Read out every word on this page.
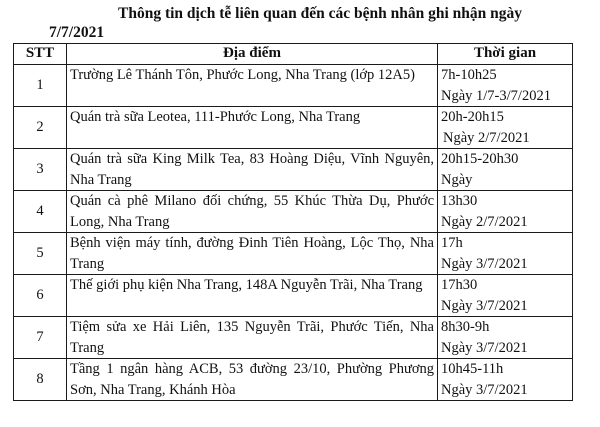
Thông tin dịch tễ liên quan đến các bệnh nhân ghi nhận ngày
7/7/2021
STT	Địa điểm	Thời gian
1	Trường Lê Thánh Tôn, Phước Long, Nha Trang (lớp 12A5)	7h-10h25
Ngày 1/7-3/7/2021

2	Quán trà sữa Leotea, 111-Phước Long, Nha Trang	20h-20h15
Ngày 2/7/2021

3	Quán trà sữa King Milk Tea, 83 Hoàng Diệu, Vĩnh Nguyên, Nha Trang	20h15-20h30
Ngày

4	Quán cà phê Milano đối chứng, 55 Khúc Thừa Dụ, Phước Long, Nha Trang	13h30
Ngày 2/7/2021

5	Bệnh viện máy tính, đường Đinh Tiên Hoàng, Lộc Thọ, Nha Trang	17h
Ngày 3/7/2021

6	Thế giới phụ kiện Nha Trang, 148A Nguyễn Trãi, Nha Trang	17h30
Ngày 3/7/2021

7	Tiệm sửa xe Hải Liên, 135 Nguyễn Trãi, Phước Tiến, Nha Trang	8h30-9h
Ngày 3/7/2021

8	Tầng 1 ngân hàng ACB, 53 đường 23/10, Phường Phương Sơn, Nha Trang, Khánh Hòa	10h45-11h
Ngày 3/7/2021
